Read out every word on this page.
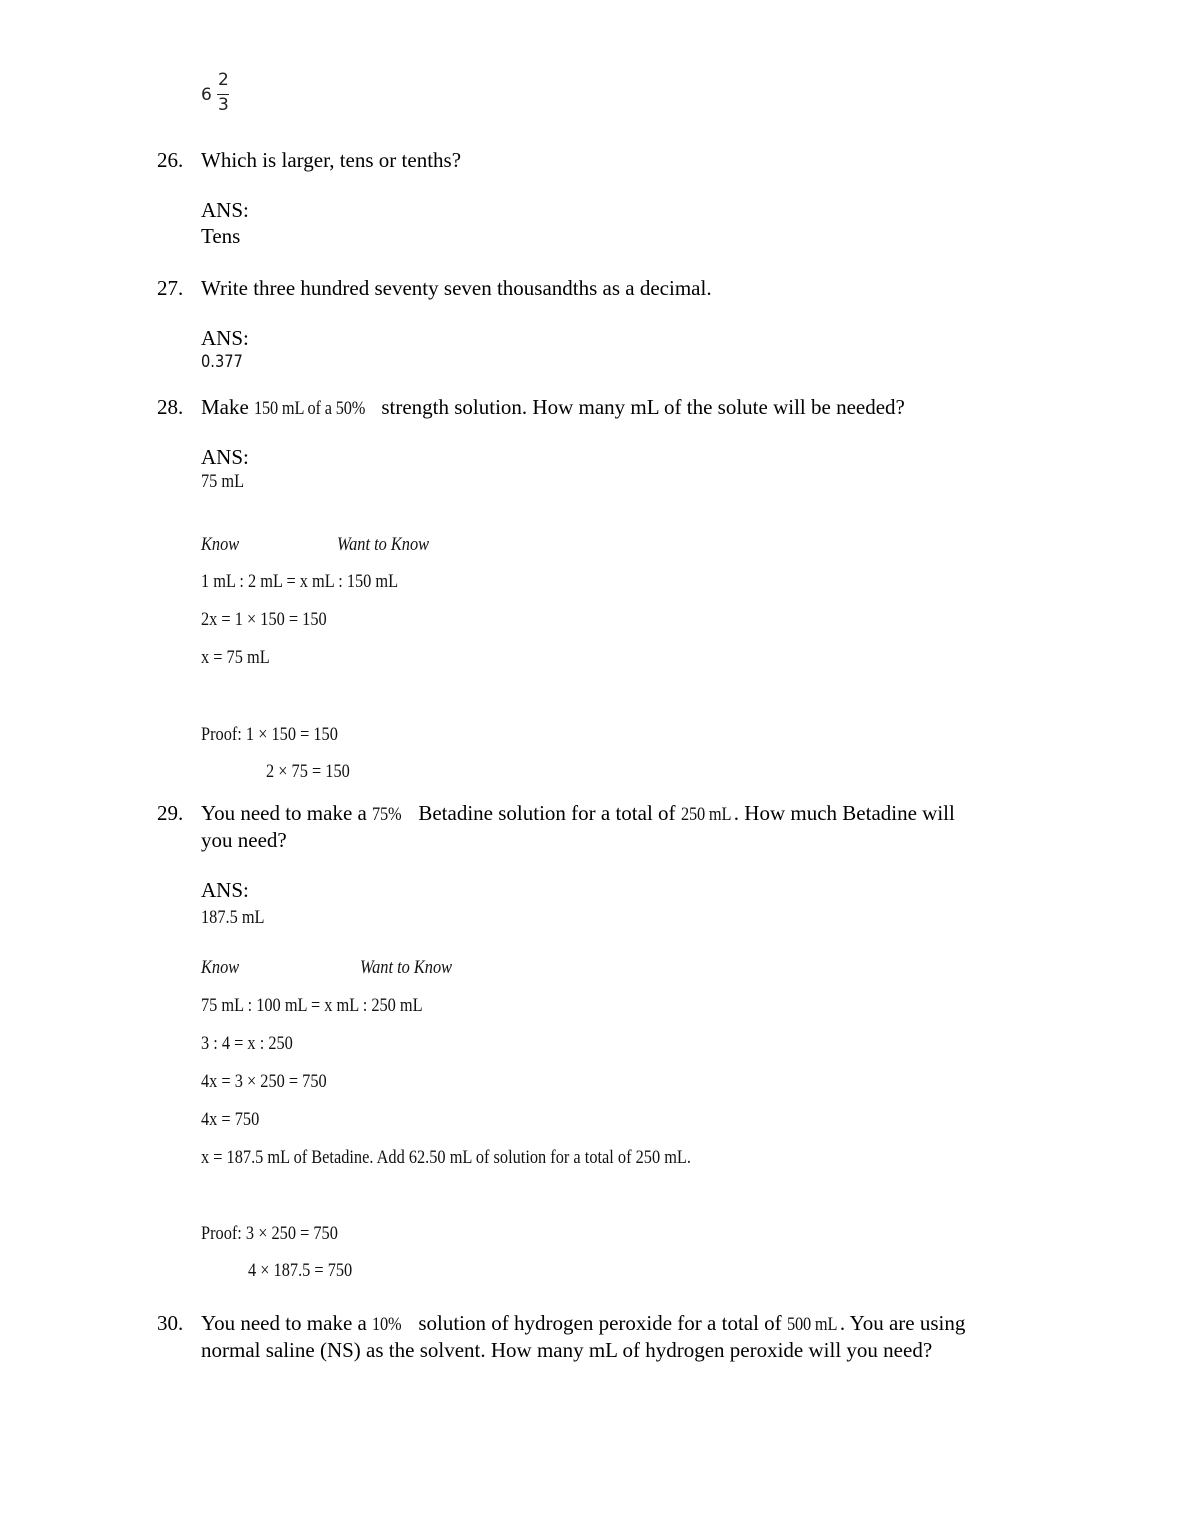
6
2
3
26. Which is larger, tens or tenths?
ANS:
Tens
27. Write three hundred seventy seven thousandths as a decimal.
ANS:
0.377
28. Make 150 mL of a 50% strength solution. How many mL of the solute will be needed?
ANS:
75 mL
Know	Want to Know
1 mL : 2 mL = x mL : 150 mL
2x = 1 × 150 = 150
x = 75 mL
Proof: 1 × 150 = 150
2 × 75 = 150
29. You need to make a 75% Betadine solution for a total of 250 mL . How much Betadine will
you need?
ANS:
187.5 mL
Know	Want to Know
75 mL : 100 mL = x mL : 250 mL
3 : 4 = x : 250
4x = 3 × 250 = 750
4x = 750
x = 187.5 mL of Betadine. Add 62.50 mL of solution for a total of 250 mL.
Proof: 3 × 250 = 750
4 × 187.5 = 750
30. You need to make a 10% solution of hydrogen peroxide for a total of 500 mL . You are using
normal saline (NS) as the solvent. How many mL of hydrogen peroxide will you need?
